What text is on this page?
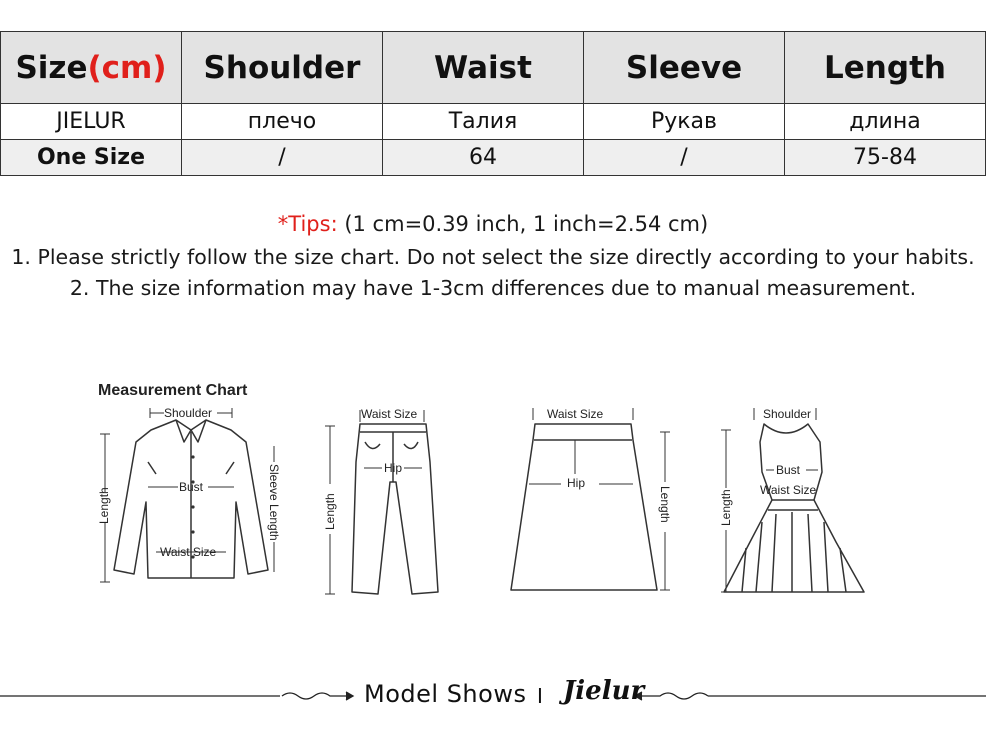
Size(cm)	Shoulder	Waist	Sleeve	Length
JIELUR	плечо	Талия	Рукав	длина
One Size	/	64	/	75-84
*Tips: (1 cm=0.39 inch, 1 inch=2.54 cm)
1. Please strictly follow the size chart. Do not select the size directly according to your habits.
2. The size information may have 1-3cm differences due to manual measurement.
Measurement Chart
Shoulder
Bust
Waist Size
Length	Sleeve Length
Waist Size
Hip
Length
Waist Size
Hip
Length
Shoulder
Bust
Waist Size
Length
Model Shows I Jielur
